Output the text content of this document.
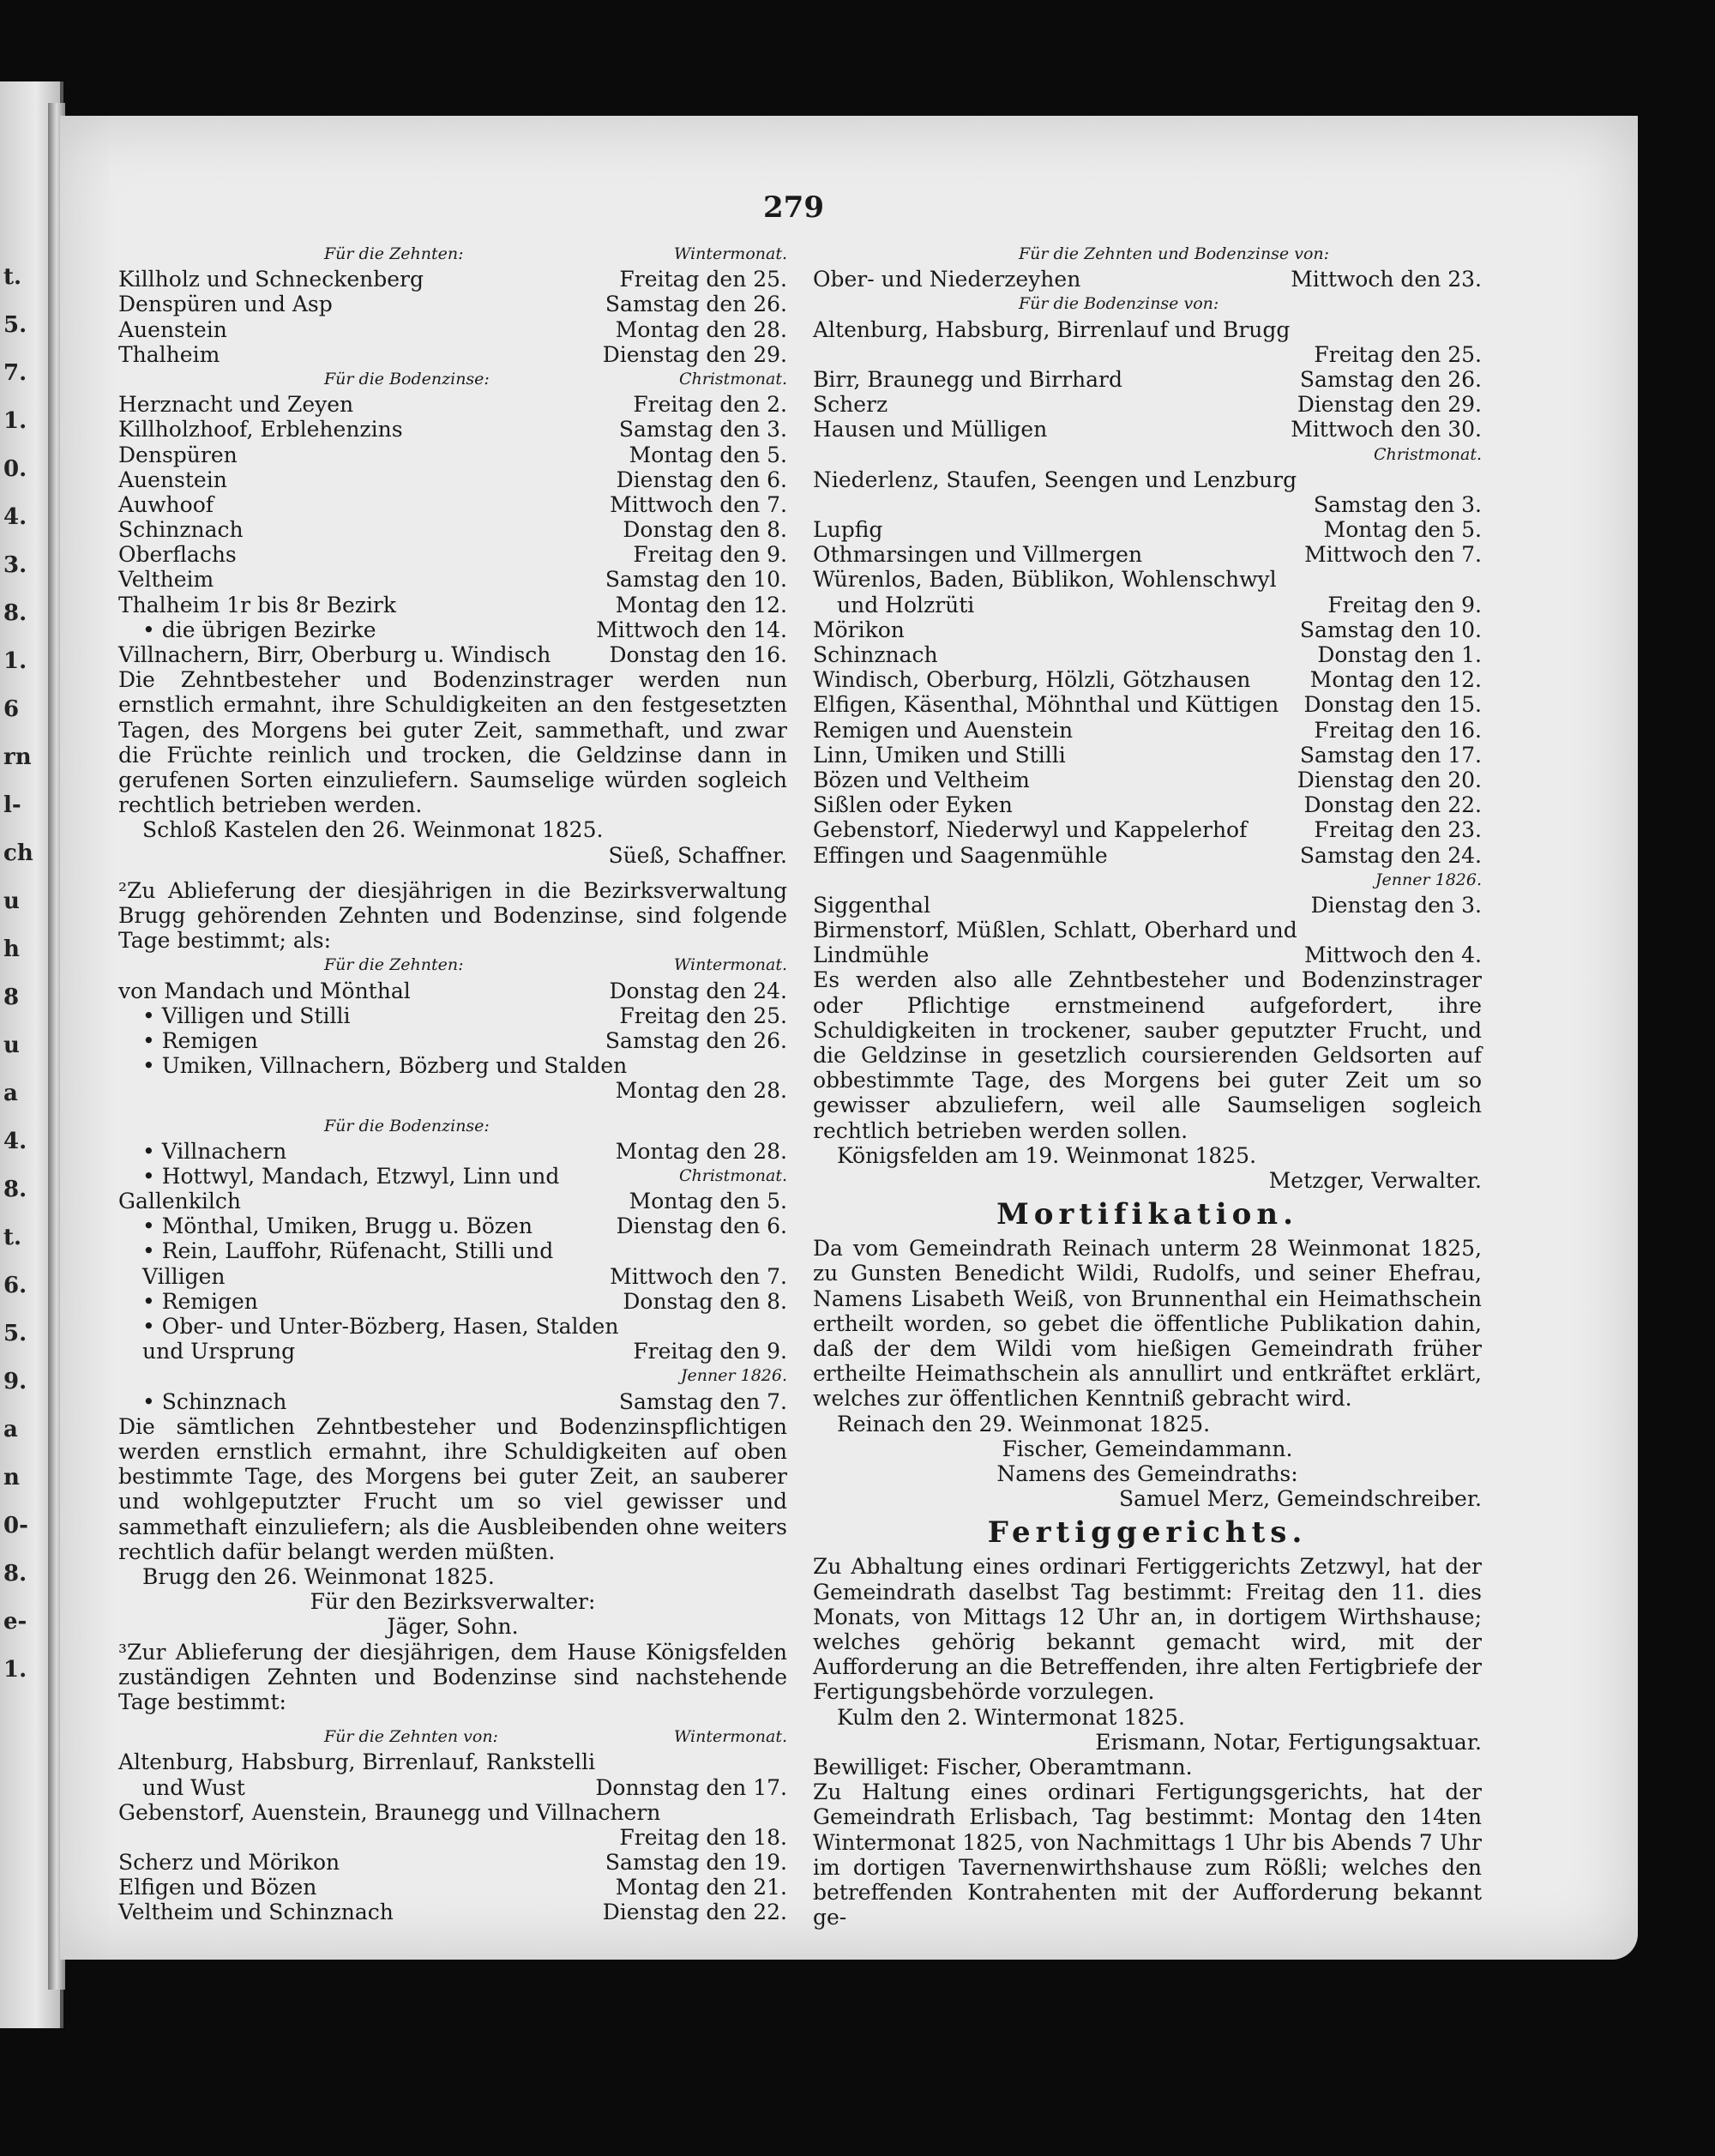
t.
5.
7.
1.
0.
4.
3.
8.
1.
6
rn
l-
ch
u
h
8
u
a
4.
8.
t.
6.
5.
9.
a
n
0-
8.
e-
1.
279
Für die Zehnten:	Wintermonat.
Killholz und Schneckenberg	Freitag den 25.
Denspüren und Asp	Samstag den 26.
Auenstein	Montag den 28.
Thalheim	Dienstag den 29.
Für die Bodenzinse:	Christmonat.
Herznacht und Zeyen	Freitag den 2.
Killholzhoof, Erblehenzins	Samstag den 3.
Denspüren	Montag den 5.
Auenstein	Dienstag den 6.
Auwhoof	Mittwoch den 7.
Schinznach	Donstag den 8.
Oberflachs	Freitag den 9.
Veltheim	Samstag den 10.
Thalheim 1r bis 8r Bezirk	Montag den 12.
• die übrigen Bezirke	Mittwoch den 14.
Villnachern, Birr, Oberburg u. Windisch	Donstag den 16.
Die Zehntbesteher und Bodenzinstrager werden nun ernstlich ermahnt, ihre Schuldigkeiten an den festgesetzten Tagen, des Morgens bei guter Zeit, sammethaft, und zwar die Früchte reinlich und trocken, die Geldzinse dann in gerufenen Sorten einzuliefern. Saumselige würden sogleich rechtlich betrieben werden.
Schloß Kastelen den 26. Weinmonat 1825.
Süeß, Schaffner.
²Zu Ablieferung der diesjährigen in die Bezirksverwaltung Brugg gehörenden Zehnten und Bodenzinse, sind folgende Tage bestimmt; als:
Für die Zehnten:	Wintermonat.
von Mandach und Mönthal	Donstag den 24.
• Villigen und Stilli	Freitag den 25.
• Remigen	Samstag den 26.
• Umiken, Villnachern, Bözberg und Stalden
Montag den 28.
Für die Bodenzinse:
• Villnachern	Montag den 28.
• Hottwyl, Mandach, Etzwyl, Linn und	Christmonat.
Gallenkilch	Montag den 5.
• Mönthal, Umiken, Brugg u. Bözen	Dienstag den 6.
• Rein, Lauffohr, Rüfenacht, Stilli und
Villigen	Mittwoch den 7.
• Remigen	Donstag den 8.
• Ober- und Unter-Bözberg, Hasen, Stalden
und Ursprung	Freitag den 9.
Jenner 1826.
• Schinznach	Samstag den 7.
Die sämtlichen Zehntbesteher und Bodenzinspflichtigen werden ernstlich ermahnt, ihre Schuldigkeiten auf oben bestimmte Tage, des Morgens bei guter Zeit, an sauberer und wohlgeputzter Frucht um so viel gewisser und sammethaft einzuliefern; als die Ausbleibenden ohne weiters rechtlich dafür belangt werden müßten.
Brugg den 26. Weinmonat 1825.
Für den Bezirksverwalter:
Jäger, Sohn.
³Zur Ablieferung der diesjährigen, dem Hause Königsfelden zuständigen Zehnten und Bodenzinse sind nachstehende Tage bestimmt:
Für die Zehnten von:	Wintermonat.
Altenburg, Habsburg, Birrenlauf, Rankstelli
und Wust	Donnstag den 17.
Gebenstorf, Auenstein, Braunegg und Villnachern
Freitag den 18.
Scherz und Mörikon	Samstag den 19.
Elfigen und Bözen	Montag den 21.
Veltheim und Schinznach	Dienstag den 22.
Für die Zehnten und Bodenzinse von:
Ober- und Niederzeyhen	Mittwoch den 23.
Für die Bodenzinse von:
Altenburg, Habsburg, Birrenlauf und Brugg
Freitag den 25.
Birr, Braunegg und Birrhard	Samstag den 26.
Scherz	Dienstag den 29.
Hausen und Mülligen	Mittwoch den 30.
Christmonat.
Niederlenz, Staufen, Seengen und Lenzburg
Samstag den 3.
Lupfig	Montag den 5.
Othmarsingen und Villmergen	Mittwoch den 7.
Würenlos, Baden, Büblikon, Wohlenschwyl
und Holzrüti	Freitag den 9.
Mörikon	Samstag den 10.
Schinznach	Donstag den 1.
Windisch, Oberburg, Hölzli, Götzhausen	Montag den 12.
Elfigen, Käsenthal, Möhnthal und Küttigen Donstag den 15.
Remigen und Auenstein	Freitag den 16.
Linn, Umiken und Stilli	Samstag den 17.
Bözen und Veltheim	Dienstag den 20.
Sißlen oder Eyken	Donstag den 22.
Gebenstorf, Niederwyl und Kappelerhof	Freitag den 23.
Effingen und Saagenmühle	Samstag den 24.
Jenner 1826.
Siggenthal	Dienstag den 3.
Birmenstorf, Müßlen, Schlatt, Oberhard und
Lindmühle	Mittwoch den 4.
Es werden also alle Zehntbesteher und Bodenzinstrager oder Pflichtige ernstmeinend aufgefordert, ihre Schuldigkeiten in trockener, sauber geputzter Frucht, und die Geldzinse in gesetzlich coursierenden Geldsorten auf obbestimmte Tage, des Morgens bei guter Zeit um so gewisser abzuliefern, weil alle Saumseligen sogleich rechtlich betrieben werden sollen.
Königsfelden am 19. Weinmonat 1825.
Metzger, Verwalter.
Mortifikation.
Da vom Gemeindrath Reinach unterm 28 Weinmonat 1825, zu Gunsten Benedicht Wildi, Rudolfs, und seiner Ehefrau, Namens Lisabeth Weiß, von Brunnenthal ein Heimathschein ertheilt worden, so gebet die öffentliche Publikation dahin, daß der dem Wildi vom hießigen Gemeindrath früher ertheilte Heimathschein als annullirt und entkräftet erklärt, welches zur öffentlichen Kenntniß gebracht wird.
Reinach den 29. Weinmonat 1825.
Fischer, Gemeindammann.
Namens des Gemeindraths:
Samuel Merz, Gemeindschreiber.
Fertiggerichts.
Zu Abhaltung eines ordinari Fertiggerichts Zetzwyl, hat der Gemeindrath daselbst Tag bestimmt: Freitag den 11. dies Monats, von Mittags 12 Uhr an, in dortigem Wirthshause; welches gehörig bekannt gemacht wird, mit der Aufforderung an die Betreffenden, ihre alten Fertigbriefe der Fertigungsbehörde vorzulegen.
Kulm den 2. Wintermonat 1825.
Erismann, Notar, Fertigungsaktuar.
Bewilliget: Fischer, Oberamtmann.
Zu Haltung eines ordinari Fertigungsgerichts, hat der Gemeindrath Erlisbach, Tag bestimmt: Montag den 14ten Wintermonat 1825, von Nachmittags 1 Uhr bis Abends 7 Uhr im dortigen Tavernenwirthshause zum Rößli; welches den betreffenden Kontrahenten mit der Aufforderung bekannt ge-
